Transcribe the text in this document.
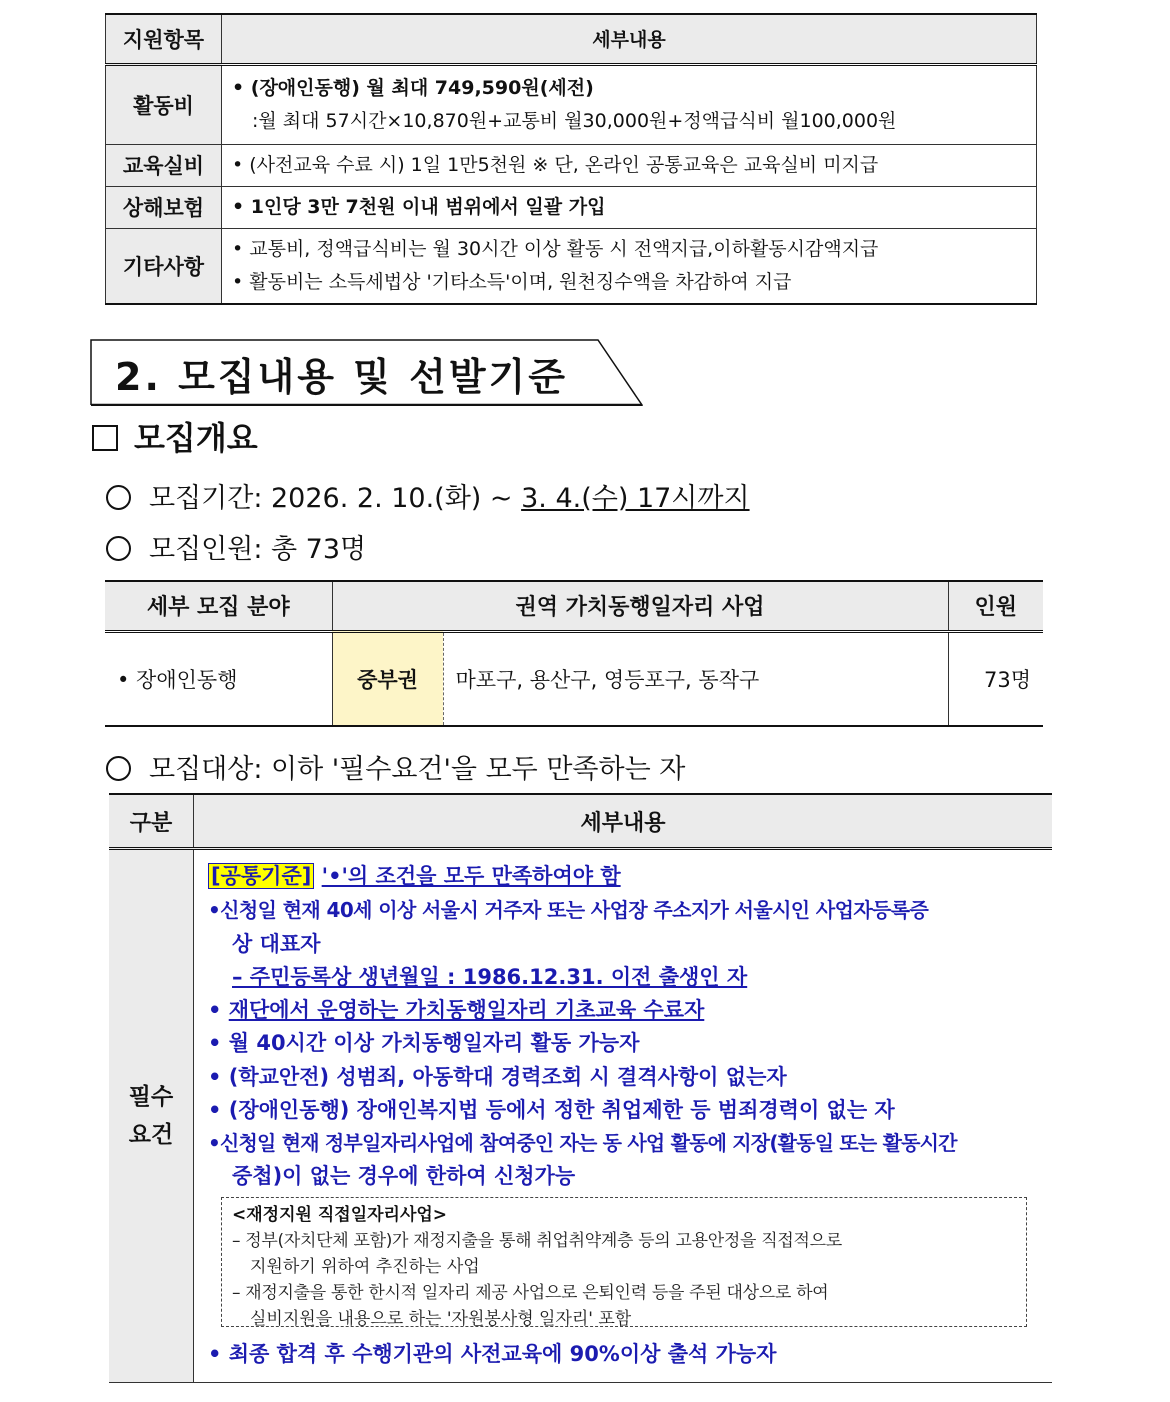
지원항목	세부내용
활동비	• (장애인동행) 월 최대 749,590원(세전)
:월 최대 57시간×10,870원+교통비 월30,000원+정액급식비 월100,000원

교육실비	• (사전교육 수료 시) 1일 1만5천원 ※ 단, 온라인 공통교육은 교육실비 미지급

상해보험	• 1인당 3만 7천원 이내 범위에서 일괄 가입

기타사항	• 교통비, 정액급식비는 월 30시간 이상 활동 시 전액지급,이하활동시감액지급
• 활동비는 소득세법상 '기타소득'이며, 원천징수액을 차감하여 지급
2. 모집내용 및 선발기준
모집개요
모집기간: 2026. 2. 10.(화) ~ 3. 4.(수) 17시까지
모집인원: 총 73명
세부 모집 분야	권역 가치동행일자리 사업		인원
• 장애인동행	중부권	마포구, 용산구, 영등포구, 동작구	73명
모집대상: 이하 '필수요건'을 모두 만족하는 자
구분	세부내용
필수
요건
[공통기준] '•'의 조건을 모두 만족하여야 함
•신청일 현재 40세 이상 서울시 거주자 또는 사업장 주소지가 서울시인 사업자등록증
상 대표자
– 주민등록상 생년월일 : 1986.12.31. 이전 출생인 자
• 재단에서 운영하는 가치동행일자리 기초교육 수료자
• 월 40시간 이상 가치동행일자리 활동 가능자
• (학교안전) 성범죄, 아동학대 경력조회 시 결격사항이 없는자
• (장애인동행) 장애인복지법 등에서 정한 취업제한 등 범죄경력이 없는 자
•신청일 현재 정부일자리사업에 참여중인 자는 동 사업 활동에 지장(활동일 또는 활동시간
중첩)이 없는 경우에 한하여 신청가능
<재정지원 직접일자리사업>
– 정부(자치단체 포함)가 재정지출을 통해 취업취약계층 등의 고용안정을 직접적으로
지원하기 위하여 추진하는 사업
– 재정지출을 통한 한시적 일자리 제공 사업으로 은퇴인력 등을 주된 대상으로 하여
실비지원을 내용으로 하는 '자원봉사형 일자리' 포함
• 최종 합격 후 수행기관의 사전교육에 90%이상 출석 가능자
